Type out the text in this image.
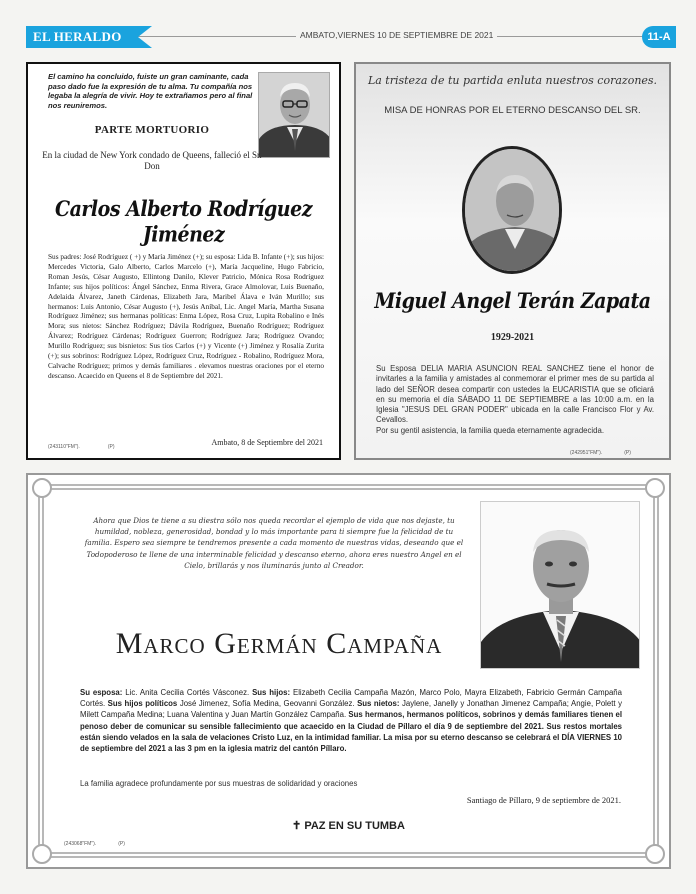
EL HERALDO	AMBATO,VIERNES 10 DE SEPTIEMBRE DE 2021	11-A
El camino ha concluido, fuiste un gran caminante, cada paso dado fue la expresión de tu alma. Tu compañía nos legaba la alegría de vivir. Hoy te extrañamos pero al final nos reuniremos.
PARTE MORTUORIO
En la ciudad de New York condado de Queens, falleció el Sr. Don
Carlos Alberto Rodríguez Jiménez
Sus padres: José Rodríguez ( +) y María Jiménez (+); su esposa: Lida B. Infante (+); sus hijos: Mercedes Victoria, Galo Alberto, Carlos Marcelo (+), María Jacqueline, Hugo Fabricio, Roman Jesús, César Augusto, Ellintong Danilo, Klever Patricio, Mónica Rosa Rodríguez Infante; sus hijos políticos: Ángel Sánchez, Enma Rivera, Grace Almolovar, Luis Buenaño, Adelaida Álvarez, Janeth Cárdenas, Elizabeth Jara, Maribel Álava e Iván Murillo; sus hermanos: Luis Antonio, César Augusto (+), Jesús Aníbal, Lic. Angel María, Martha Susana Rodríguez Jiménez; sus hermanas políticas: Enma López, Rosa Cruz, Lupita Robalino e Inés Mora; sus nietos: Sánchez Rodríguez; Dávila Rodríguez, Buenaño Rodríguez; Rodríguez Álvarez; Rodríguez Cárdenas; Rodríguez Guerron; Rodríguez Jara; Rodríguez Ovando; Murillo Rodríguez; sus bisnietos: Sus tíos Carlos (+) y Vicente (+) Jiménez y Rosalía Zurita (+); sus sobrinos: Rodríguez López, Rodríguez Cruz, Rodríguez - Robalino, Rodríguez Mora, Calvache Rodríguez; primos y demás familiares . elevamos nuestras oraciones por el eterno descanso. Acaecido en Queens el 8 de Septiembre del 2021.
Ambato, 8 de Septiembre del 2021
(243110"FM").	(P)
La tristeza de tu partida enluta nuestros corazones.
MISA DE HONRAS POR EL ETERNO DESCANSO DEL SR.
Miguel Angel Terán Zapata
1929-2021
Su Esposa DELIA MARIA ASUNCION REAL SANCHEZ tiene el honor de invitarles a la familia y amistades al conmemorar el primer mes de su partida al lado del SEÑOR desea compartir con ustedes la EUCARISTIA que se oficiará en su memoria el día SÁBADO 11 DE SEPTIEMBRE a las 10:00 a.m. en la Iglesia "JESUS DEL GRAN PODER" ubicada en la calle Francisco Flor y Av. Cevallos.
Por su gentil asistencia, la familia queda eternamente agradecida.
(242951"FM").	(P)
Ahora que Dios te tiene a su diestra sólo nos queda recordar el ejemplo de vida que nos dejaste, tu humildad, nobleza, generosidad, bondad y lo más importante para ti siempre fue la felicidad de tu familia. Espero sea siempre te tendremos presente a cada momento de nuestras vidas, deseando que el Todopoderoso te llene de una interminable felicidad y descanso eterno, ahora eres nuestro Angel en el Cielo, brillarás y nos iluminarás junto al Creador.
Marco Germán Campaña
Su esposa: Lic. Anita Cecilia Cortés Vásconez. Sus hijos: Elizabeth Cecilia Campaña Mazón, Marco Polo, Mayra Elizabeth, Fabricio Germán Campaña Cortés. Sus hijos políticos José Jimenez, Sofía Medina, Geovanni González. Sus nietos: Jaylene, Janelly y Jonathan Jimenez Campaña; Angie, Polett y Milett Campaña Medina; Luana Valentina y Juan Martín González Campaña. Sus hermanos, hermanos políticos, sobrinos y demás familiares tienen el penoso deber de comunicar su sensible fallecimiento que acaecido en la Ciudad de Píllaro el día 9 de septiembre del 2021. Sus restos mortales están siendo velados en la sala de velaciones Cristo Luz, en la intimidad familiar. La misa por su eterno descanso se celebrará el DÍA VIERNES 10 de septiembre del 2021 a las 3 pm en la iglesia matriz del cantón Píllaro.
La familia agradece profundamente por sus muestras de solidaridad y oraciones
Santiago de Píllaro, 9 de septiembre de 2021.
✝ PAZ EN SU TUMBA
(243068"FM").	(P)
